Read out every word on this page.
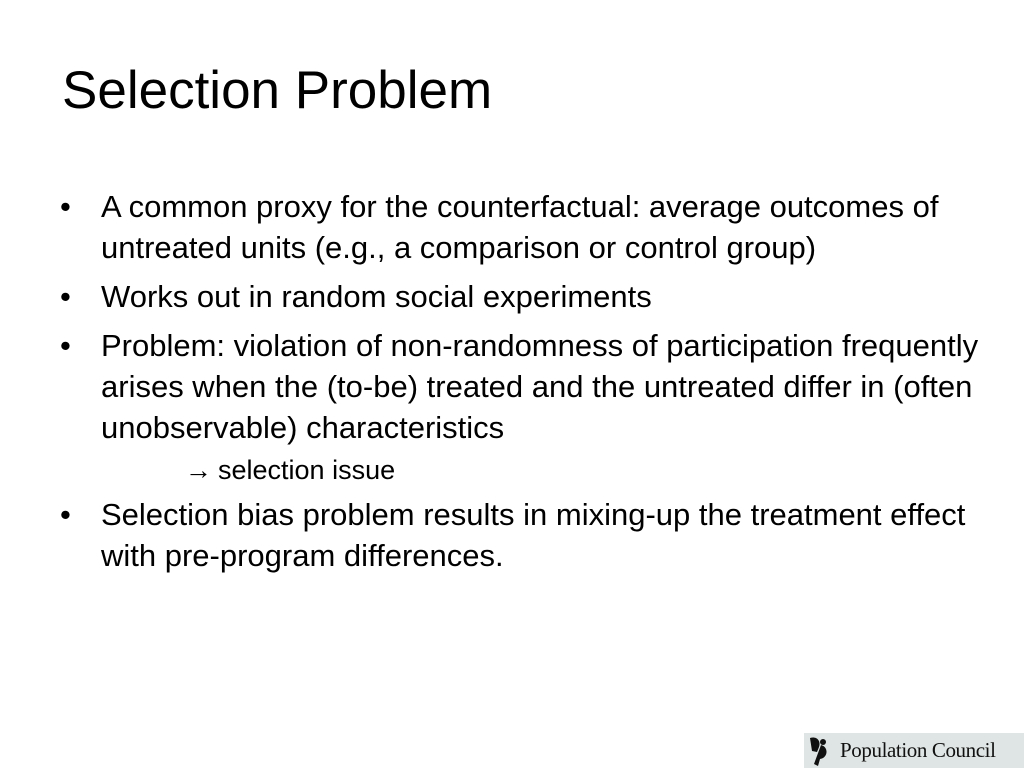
Selection Problem
• A common proxy for the counterfactual: average outcomes of untreated units (e.g., a comparison or control group)
• Works out in random social experiments
• Problem: violation of non-randomness of participation frequently arises when the (to-be) treated and the untreated differ in (often unobservable) characteristics
→ selection issue
• Selection bias problem results in mixing-up the treatment effect with pre-program differences.
Population Council
